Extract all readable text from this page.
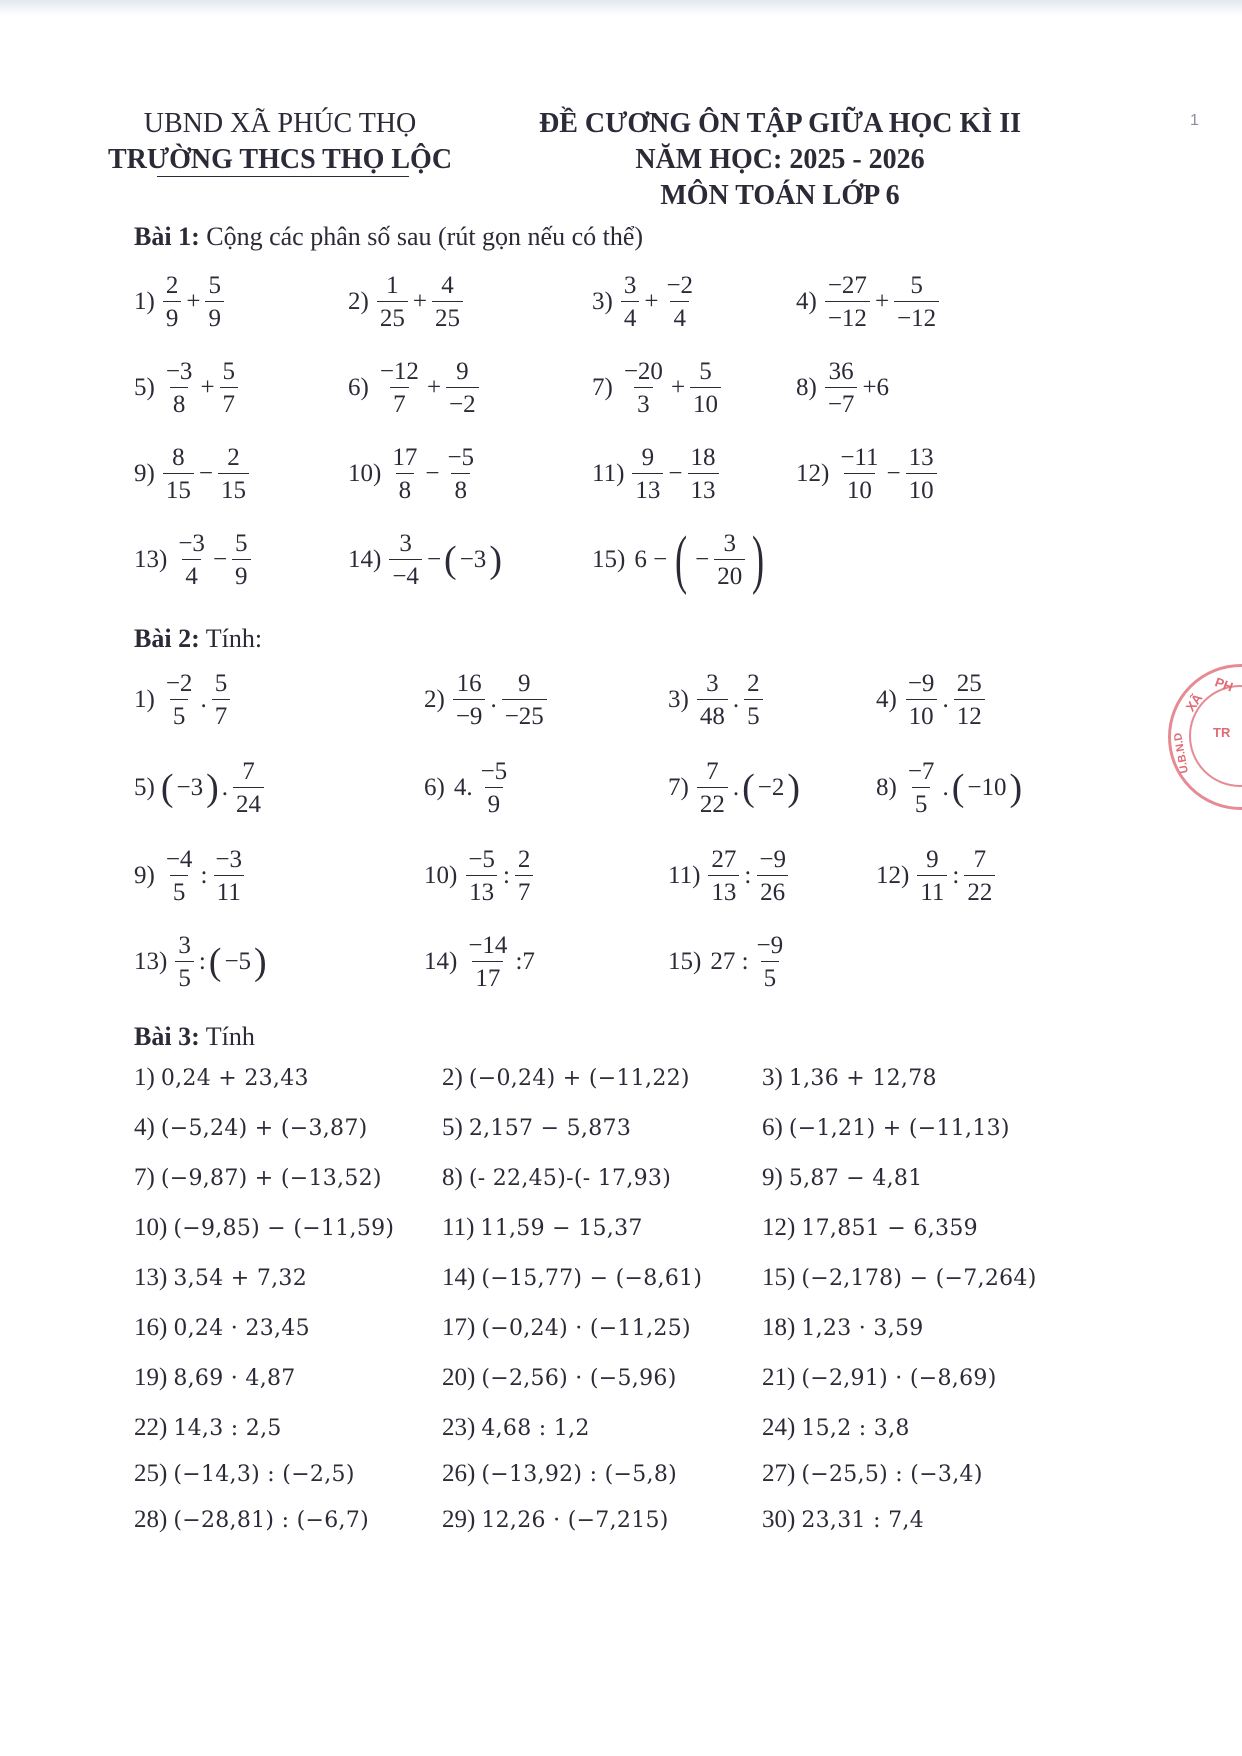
UBND XÃ PHÚC THỌ
TRƯỜNG THCS THỌ LỘC
ĐỀ CƯƠNG ÔN TẬP GIỮA HỌC KÌ II
NĂM HỌC: 2025 - 2026
MÔN TOÁN LỚP 6
1
Bài 1: Cộng các phân số sau (rút gọn nếu có thể)
Bài 2: Tính:
Bài 3: Tính
$1) \frac{2}{9} + \frac{5}{9}$	$2) \frac{1}{25} + \frac{4}{25}$	$3) \frac{3}{4} + \frac{-2}{4}$	$4) \frac{-27}{-12} + \frac{5}{-12}$
$5) \frac{-3}{8} + \frac{5}{7}$	$6) \frac{-12}{7} + \frac{9}{-2}$	$7) \frac{-20}{3} + \frac{5}{10}$	$8) \frac{36}{-7} +6$
$9) \frac{8}{15} - \frac{2}{15}$	$10) \frac{17}{8} - \frac{-5}{8}$	$11) \frac{9}{13} - \frac{18}{13}$	$12) \frac{-11}{10} - \frac{13}{10}$
$13) \frac{-3}{4} - \frac{5}{9}$	$14) \frac{3}{-4}$ − ( −3 )	15) 6 − ( − $\frac{3}{20}$ )
$1) \frac{-2}{5}$ . $\frac{5}{7}$	$2) \frac{16}{-9}$ . $\frac{9}{-25}$	$3) \frac{3}{48}$ . $\frac{2}{5}$	$4) \frac{-9}{10}$ . $\frac{25}{12}$
5) ( −3 ) . $\frac{7}{24}$	6) 4. $\frac{-5}{9}$	$7) \frac{7}{22}$ . ( −2 )	$8) \frac{-7}{5}$ . ( −10 )
$9) \frac{-4}{5}$ : $\frac{-3}{11}$	$10) \frac{-5}{13}$ : $\frac{2}{7}$	$11) \frac{27}{13}$ : $\frac{-9}{26}$	$12) \frac{9}{11}$ : $\frac{7}{22}$
$13) \frac{3}{5}$ : ( −5 )	$14) \frac{-14}{17}$ :7	15) 27 : $\frac{-9}{5}$
1) 0,24 + 23,43	2) (−0,24) + (−11,22)	3) 1,36 + 12,78
4) (−5,24) + (−3,87)	5) 2,157 − 5,873	6) (−1,21) + (−11,13)
7) (−9,87) + (−13,52) 8) (- 22,45)-(- 17,93)	9) 5,87 − 4,81
10) (−9,85) − (−11,59) 11) 11,59 − 15,37	12) 17,851 − 6,359
13) 3,54 + 7,32	14) (−15,77) − (−8,61) 15) (−2,178) − (−7,264)
16) 0,24 · 23,45	17) (−0,24) · (−11,25)	18) 1,23 · 3,59
19) 8,69 · 4,87	20) (−2,56) · (−5,96)	21) (−2,91) · (−8,69)
22) 14,3 : 2,5	23) 4,68 : 1,2	24) 15,2 : 3,8
25) (−14,3) : (−2,5)	26) (−13,92) : (−5,8)	27) (−25,5) : (−3,4)
28) (−28,81) : (−6,7)	29) 12,26 · (−7,215)	30) 23,31 : 7,4
PH
XÃ
U.B.N.D TR
